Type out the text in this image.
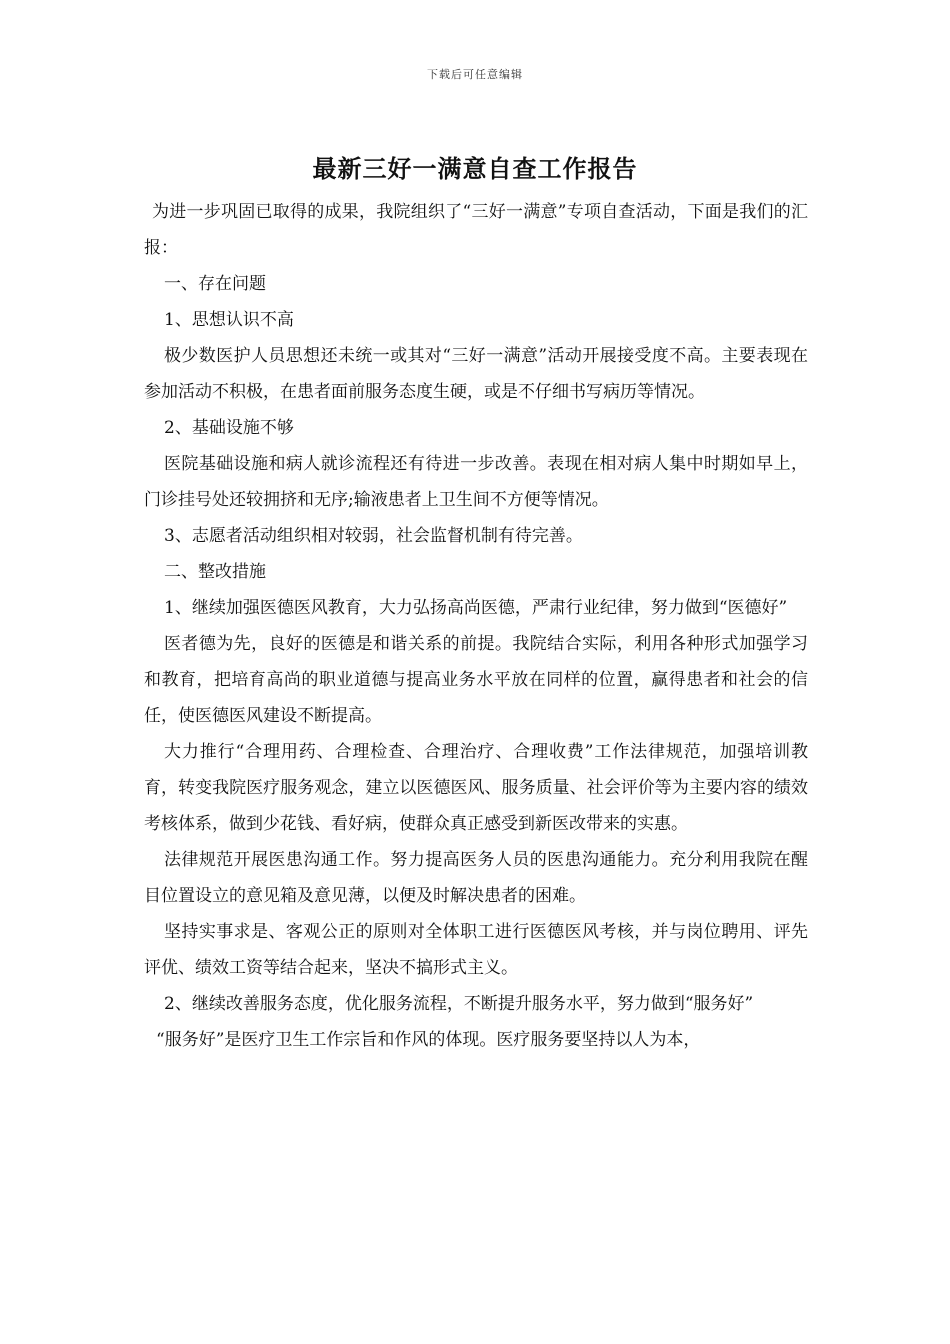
下载后可任意编辑
最新三好一满意自查工作报告

为进一步巩固已取得的成果，我院组织了“三好一满意”专项自查活动，下面是我们的汇报：

一、存在问题

1、思想认识不高

极少数医护人员思想还未统一或其对“三好一满意”活动开展接受度不高。主要表现在参加活动不积极，在患者面前服务态度生硬，或是不仔细书写病历等情况。

2、基础设施不够

医院基础设施和病人就诊流程还有待进一步改善。表现在相对病人集中时期如早上，门诊挂号处还较拥挤和无序;输液患者上卫生间不方便等情况。

3、志愿者活动组织相对较弱，社会监督机制有待完善。

二、整改措施

1、继续加强医德医风教育，大力弘扬高尚医德，严肃行业纪律，努力做到“医德好”

医者德为先，良好的医德是和谐关系的前提。我院结合实际，利用各种形式加强学习和教育，把培育高尚的职业道德与提高业务水平放在同样的位置，赢得患者和社会的信任，使医德医风建设不断提高。

大力推行“合理用药、合理检查、合理治疗、合理收费”工作法律规范，加强培训教育，转变我院医疗服务观念，建立以医德医风、服务质量、社会评价等为主要内容的绩效考核体系，做到少花钱、看好病，使群众真正感受到新医改带来的实惠。

法律规范开展医患沟通工作。努力提高医务人员的医患沟通能力。充分利用我院在醒目位置设立的意见箱及意见薄，以便及时解决患者的困难。

坚持实事求是、客观公正的原则对全体职工进行医德医风考核，并与岗位聘用、评先评优、绩效工资等结合起来，坚决不搞形式主义。

2、继续改善服务态度，优化服务流程，不断提升服务水平，努力做到“服务好”

“服务好”是医疗卫生工作宗旨和作风的体现。医疗服务要坚持以人为本，
